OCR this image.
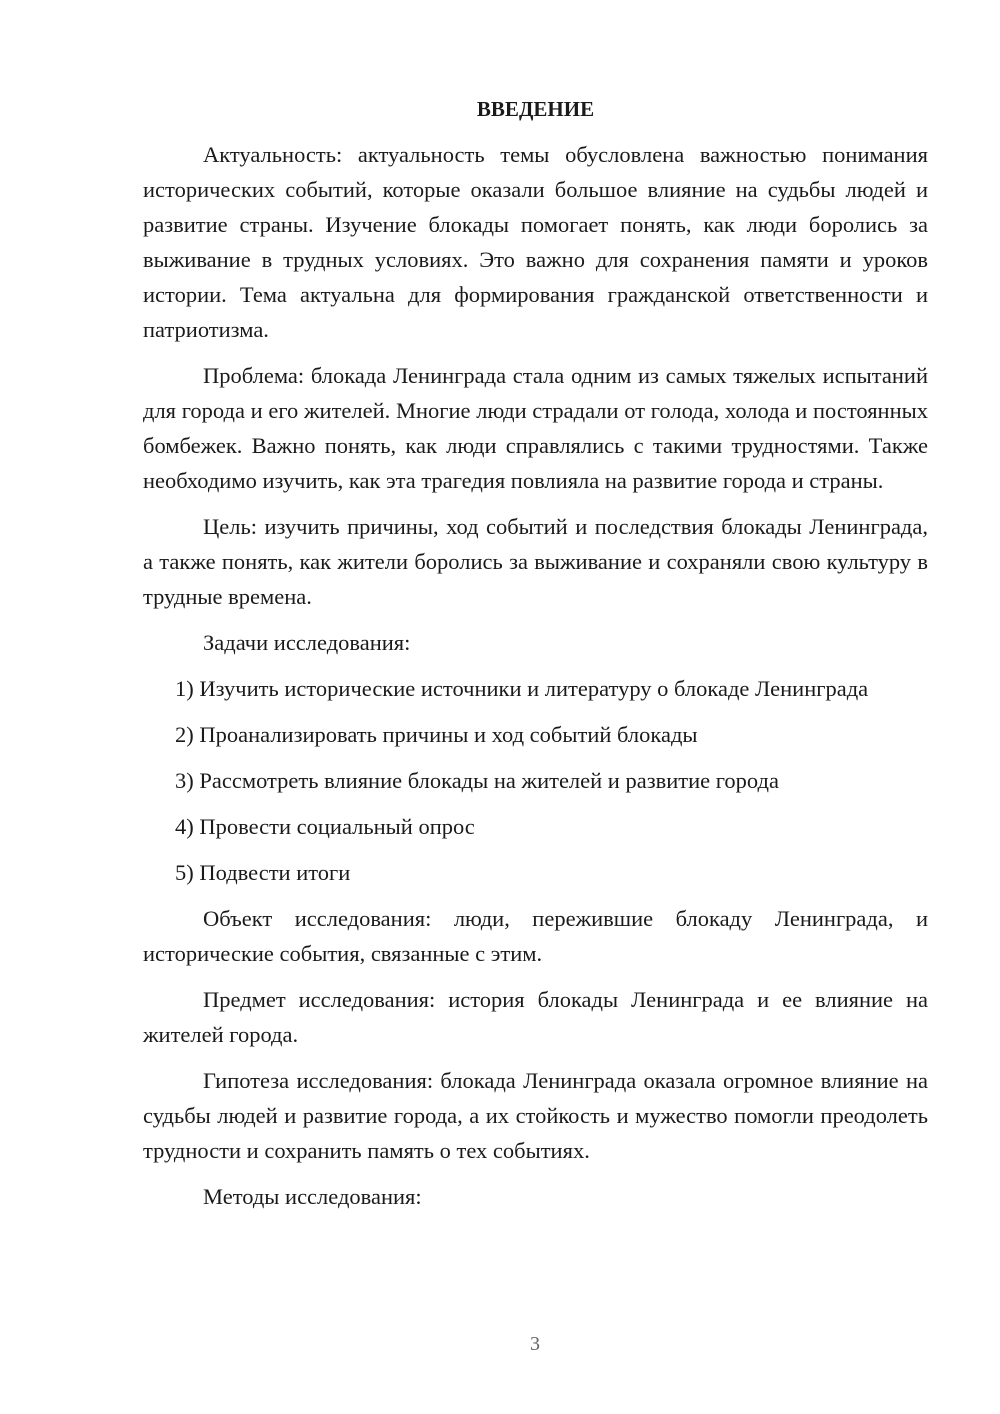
ВВЕДЕНИЕ

Актуальность: актуальность темы обусловлена важностью понимания исторических событий, которые оказали большое влияние на судьбы людей и развитие страны. Изучение блокады помогает понять, как люди боролись за выживание в трудных условиях. Это важно для сохранения памяти и уроков истории. Тема актуальна для формирования гражданской ответственности и патриотизма.

Проблема: блокада Ленинграда стала одним из самых тяжелых испытаний для города и его жителей. Многие люди страдали от голода, холода и постоянных бомбежек. Важно понять, как люди справлялись с такими трудностями. Также необходимо изучить, как эта трагедия повлияла на развитие города и страны.

Цель: изучить причины, ход событий и последствия блокады Ленинграда, а также понять, как жители боролись за выживание и сохраняли свою культуру в трудные времена.

Задачи исследования:

1) Изучить исторические источники и литературу о блокаде Ленинграда

2) Проанализировать причины и ход событий блокады

3) Рассмотреть влияние блокады на жителей и развитие города

4) Провести социальный опрос

5) Подвести итоги

Объект исследования: люди, пережившие блокаду Ленинграда, и исторические события, связанные с этим.

Предмет исследования: история блокады Ленинграда и ее влияние на жителей города.

Гипотеза исследования: блокада Ленинграда оказала огромное влияние на судьбы людей и развитие города, а их стойкость и мужество помогли преодолеть трудности и сохранить память о тех событиях.

Методы исследования:

3
